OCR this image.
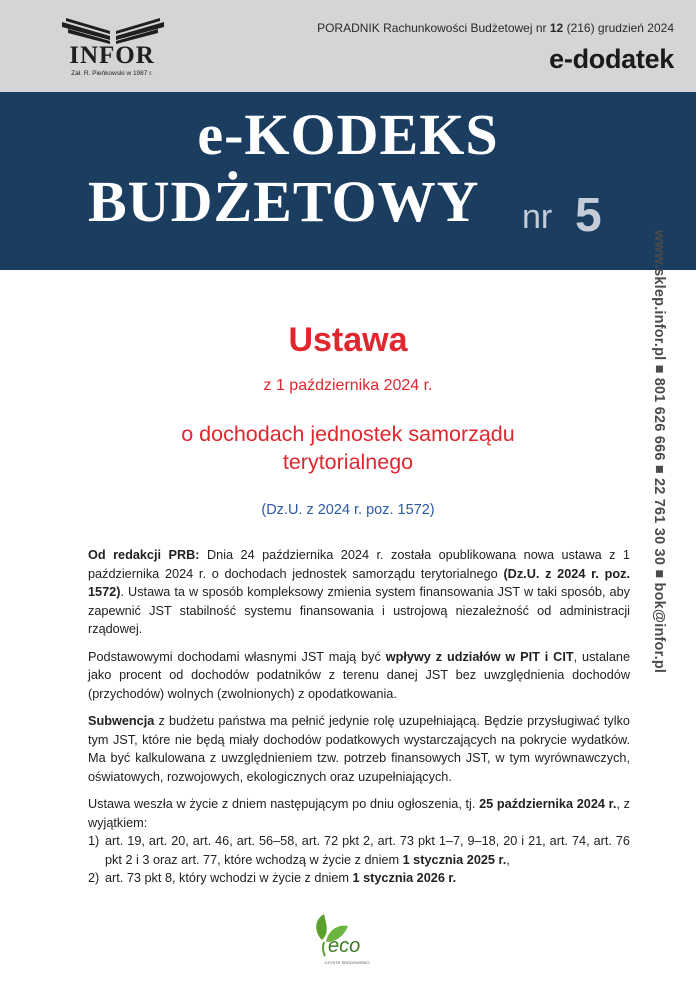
INFOR
Zał. R. Pieńkowski w 1987 r.
PORADNIK Rachunkowości Budżetowej nr 12 (216) grudzień 2024
e-dodatek
e-KODEKS
BUDŻETOWY nr 5
www.sklep.infor.pl ■ 801 626 666 ■ 22 761 30 30 ■ bok@infor.pl
Ustawa
z 1 października 2024 r.
o dochodach jednostek samorządu
terytorialnego
(Dz.U. z 2024 r. poz. 1572)

Od redakcji PRB: Dnia 24 października 2024 r. została opublikowana nowa ustawa z 1 października 2024 r. o dochodach jednostek samorządu terytorialnego (Dz.U. z 2024 r. poz. 1572). Ustawa ta w sposób kompleksowy zmienia system finansowania JST w taki sposób, aby zapewnić JST stabilność systemu finansowania i ustrojową niezależność od administracji rządowej.

Podstawowymi dochodami własnymi JST mają być wpływy z udziałów w PIT i CIT, ustalane jako procent od dochodów podatników z terenu danej JST bez uwzględnienia dochodów (przychodów) wolnych (zwolnionych) z opodatkowania.

Subwencja z budżetu państwa ma pełnić jedynie rolę uzupełniającą. Będzie przysługiwać tylko tym JST, które nie będą miały dochodów podatkowych wystarczających na pokrycie wydatków. Ma być kalkulowana z uwzględnieniem tzw. potrzeb finansowych JST, w tym wyrównawczych, oświatowych, rozwojowych, ekologicznych oraz uzupełniających.

Ustawa weszła w życie z dniem następującym po dniu ogłoszenia, tj. 25 października 2024 r., z wyjątkiem:

1) art. 19, art. 20, art. 46, art. 56–58, art. 72 pkt 2, art. 73 pkt 1–7, 9–18, 20 i 21, art. 74, art. 76 pkt 2 i 3 oraz art. 77, które wchodzą w życie z dniem 1 stycznia 2025 r.,
2) art. 73 pkt 8, który wchodzi w życie z dniem 1 stycznia 2026 r.
eco
CZYSTE ŚRODOWISKO
